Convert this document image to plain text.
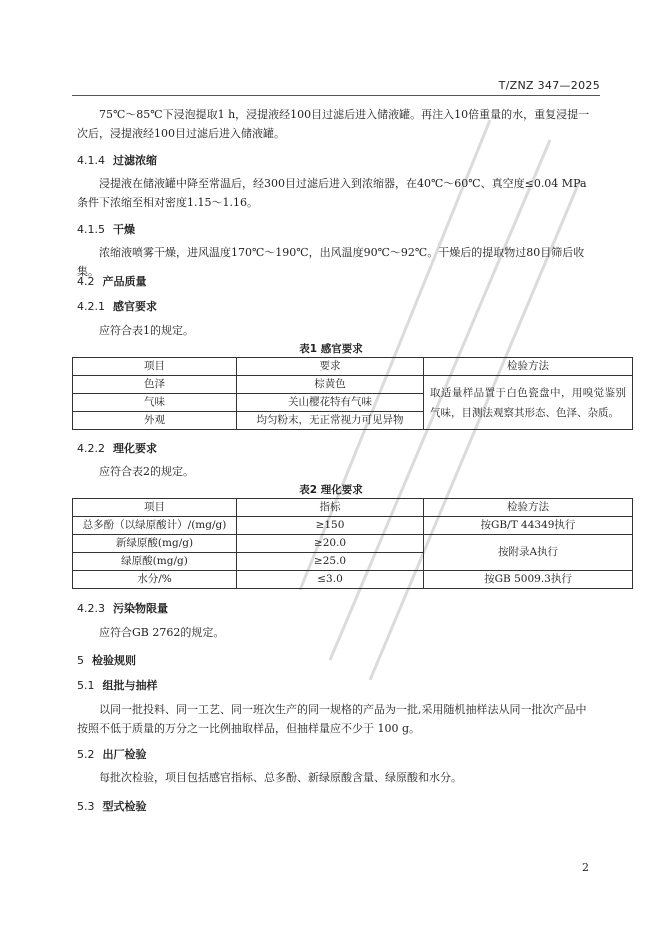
T/ZNZ 347—2025
75℃～85℃下浸泡提取1 h，浸提液经100目过滤后进入储液罐。再注入10倍重量的水，重复浸提一次后，浸提液经100目过滤后进入储液罐。
4.1.4 过滤浓缩
浸提液在储液罐中降至常温后，经300目过滤后进入到浓缩器，在40℃～60℃、真空度≤0.04 MPa条件下浓缩至相对密度1.15～1.16。
4.1.5 干燥
浓缩液喷雾干燥，进风温度170℃～190℃，出风温度90℃～92℃。干燥后的提取物过80目筛后收集。
4.2 产品质量
4.2.1 感官要求
应符合表1的规定。
表1 感官要求
项目	要求	检验方法
色泽	棕黄色	取适量样品置于白色瓷盘中，用嗅觉鉴别气味，目测法观察其形态、色泽、杂质。
气味	关山樱花特有气味	
外观	均匀粉末，无正常视力可见异物	
4.2.2 理化要求
应符合表2的规定。
表2 理化要求
项目	指标	检验方法
总多酚（以绿原酸计）/(mg/g)	≥150	按GB/T 44349执行
新绿原酸(mg/g)	≥20.0	按附录A执行
绿原酸(mg/g)	≥25.0	
水分/%	≤3.0	按GB 5009.3执行
4.2.3 污染物限量
应符合GB 2762的规定。
5 检验规则
5.1 组批与抽样
以同一批投料、同一工艺、同一班次生产的同一规格的产品为一批,采用随机抽样法从同一批次产品中按照不低于质量的万分之一比例抽取样品，但抽样量应不少于 100 g。
5.2 出厂检验
每批次检验，项目包括感官指标、总多酚、新绿原酸含量、绿原酸和水分。
5.3 型式检验
2
